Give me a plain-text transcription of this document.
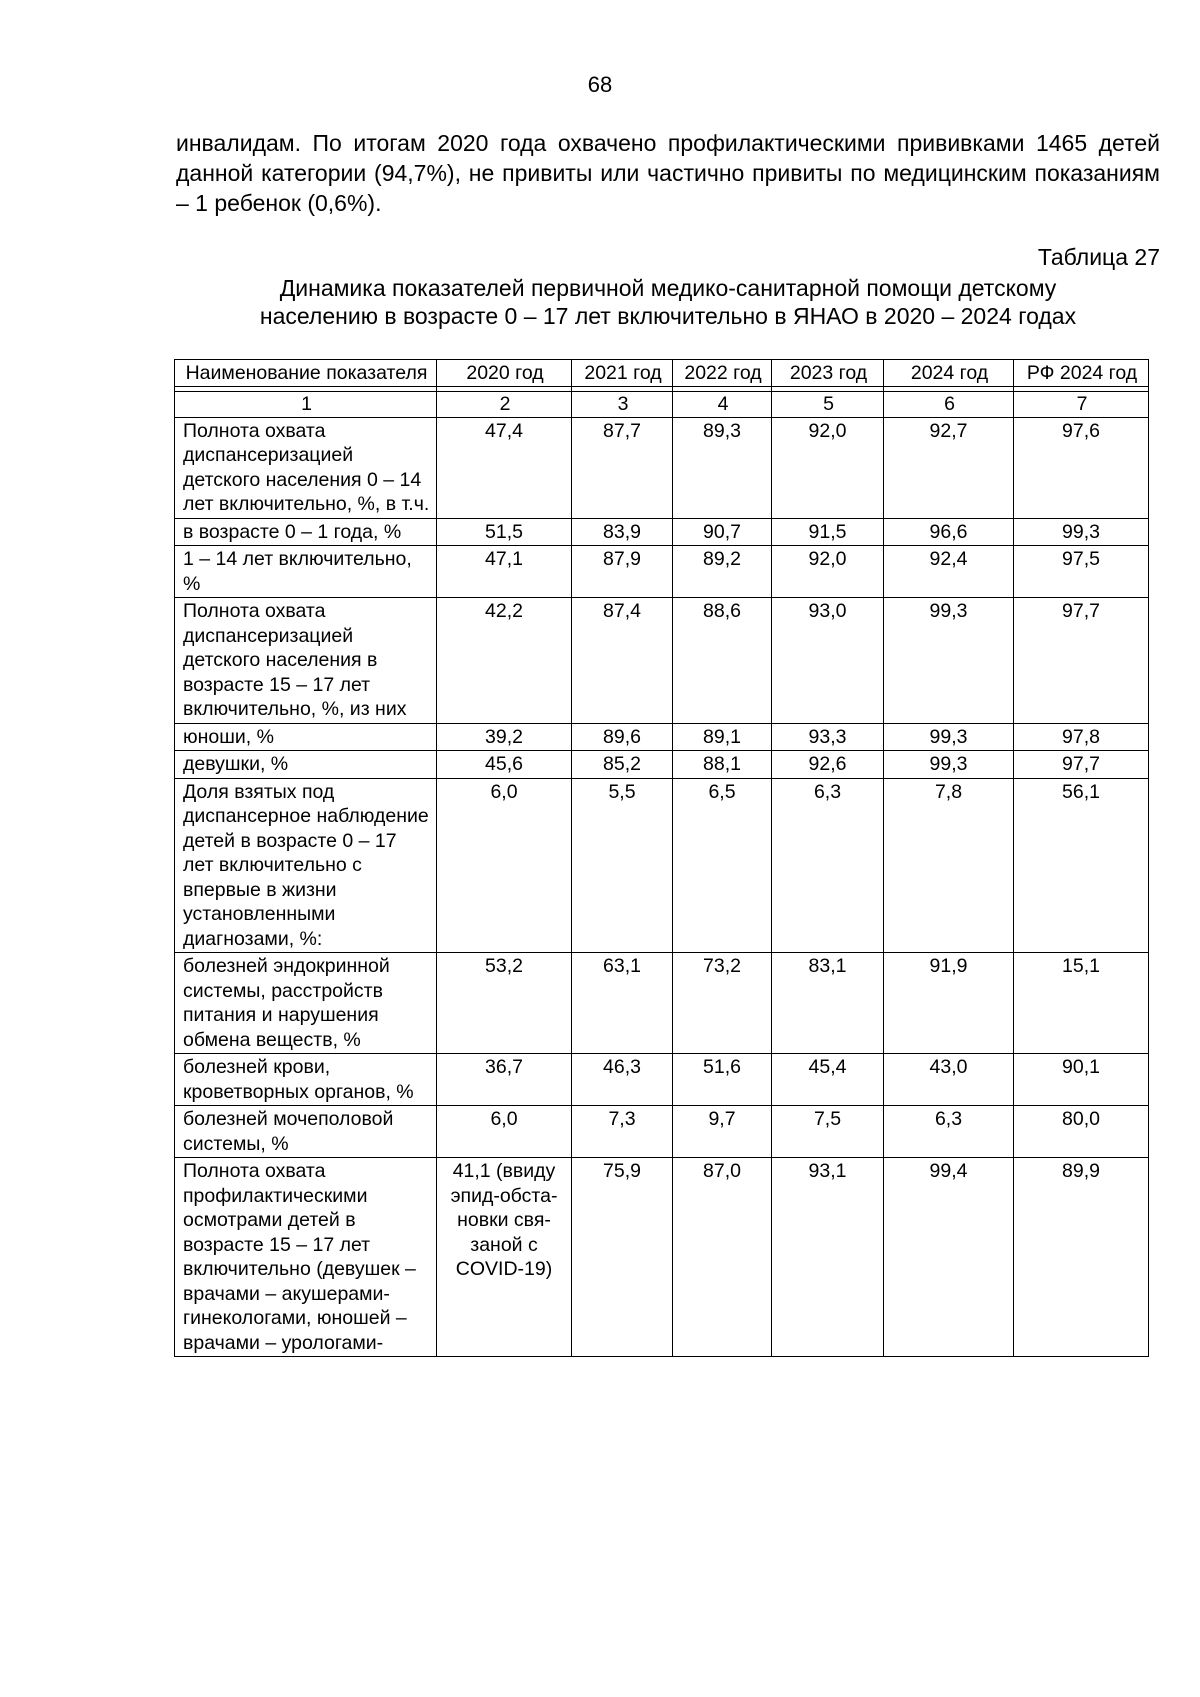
68

инвалидам. По итогам 2020 года охвачено профилактическими прививками 1465 детей данной категории (94,7%), не привиты или частично привиты по медицинским показаниям – 1 ребенок (0,6%).

Таблица 27
Динамика показателей первичной медико-санитарной помощи детскому
населению в возрасте 0 – 17 лет включительно в ЯНАО в 2020 – 2024 годах
Наименование показателя	2020 год	2021 год	2022 год	2023 год	2024 год	РФ 2024 год

1	2	3	4	5	6	7
Полнота охвата диспансеризацией детского населения 0 – 14 лет включительно, %, в т.ч.	47,4	87,7	89,3	92,0	92,7	97,6
в возрасте 0 – 1 года, %	51,5	83,9	90,7	91,5	96,6	99,3
1 – 14 лет включительно, %	47,1	87,9	89,2	92,0	92,4	97,5
Полнота охвата диспансеризацией детского населения в возрасте 15 – 17 лет включительно, %, из них	42,2	87,4	88,6	93,0	99,3	97,7
юноши, %	39,2	89,6	89,1	93,3	99,3	97,8
девушки, %	45,6	85,2	88,1	92,6	99,3	97,7
Доля взятых под диспансерное наблюдение детей в возрасте 0 – 17 лет включительно с впервые в жизни установленными диагнозами, %:	6,0	5,5	6,5	6,3	7,8	56,1
болезней эндокринной системы, расстройств питания и нарушения обмена веществ, %	53,2	63,1	73,2	83,1	91,9	15,1
болезней крови, кроветворных органов, %	36,7	46,3	51,6	45,4	43,0	90,1
болезней мочеполовой системы, %	6,0	7,3	9,7	7,5	6,3	80,0
Полнота охвата профилактическими осмотрами детей в возрасте 15 – 17 лет включительно (девушек – врачами – акушерами-гинекологами, юношей – врачами – урологами-	41,1 (ввиду эпид-обста-новки свя-заной с COVID-19)	75,9	87,0	93,1	99,4	89,9
